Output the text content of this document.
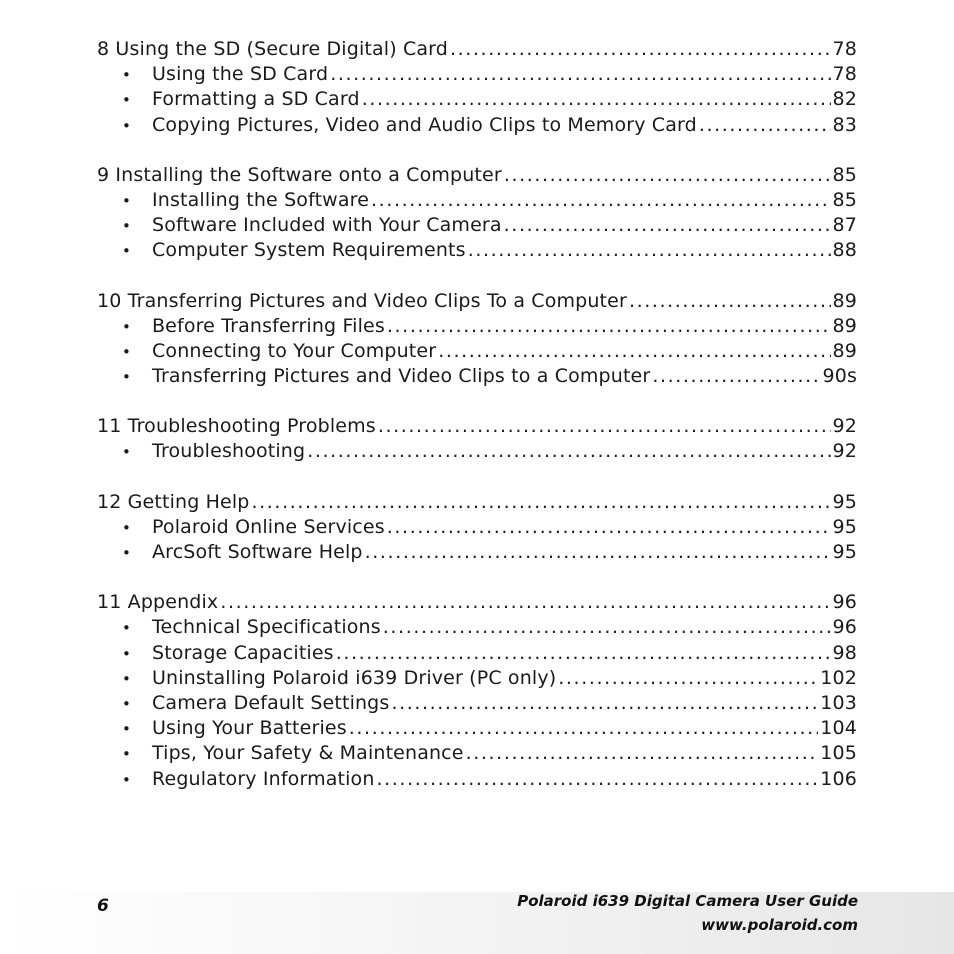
8 Using the SD (Secure Digital) Card .....	78
•	Using the SD Card .....	78
•	Formatting a SD Card .....	82
•	Copying Pictures, Video and Audio Clips to Memory Card .....	83
9 Installing the Software onto a Computer .....	85
•	Installing the Software .....	85
•	Software Included with Your Camera .....	87
•	Computer System Requirements .....	88
10 Transferring Pictures and Video Clips To a Computer .....	89
•	Before Transferring Files .....	89
•	Connecting to Your Computer .....	89
•	Transferring Pictures and Video Clips to a Computer .....	90s
11 Troubleshooting Problems .....	92
•	Troubleshooting .....	92
12 Getting Help .....	95
•	Polaroid Online Services .....	95
•	ArcSoft Software Help .....	95
11 Appendix .....	96
•	Technical Specifications .....	96
•	Storage Capacities .....	98
•	Uninstalling Polaroid i639 Driver (PC only) .....	102
•	Camera Default Settings .....	103
•	Using Your Batteries .....	104
•	Tips, Your Safety & Maintenance .....	105
•	Regulatory Information .....	106
6	Polaroid i639 Digital Camera User Guide
www.polaroid.com
